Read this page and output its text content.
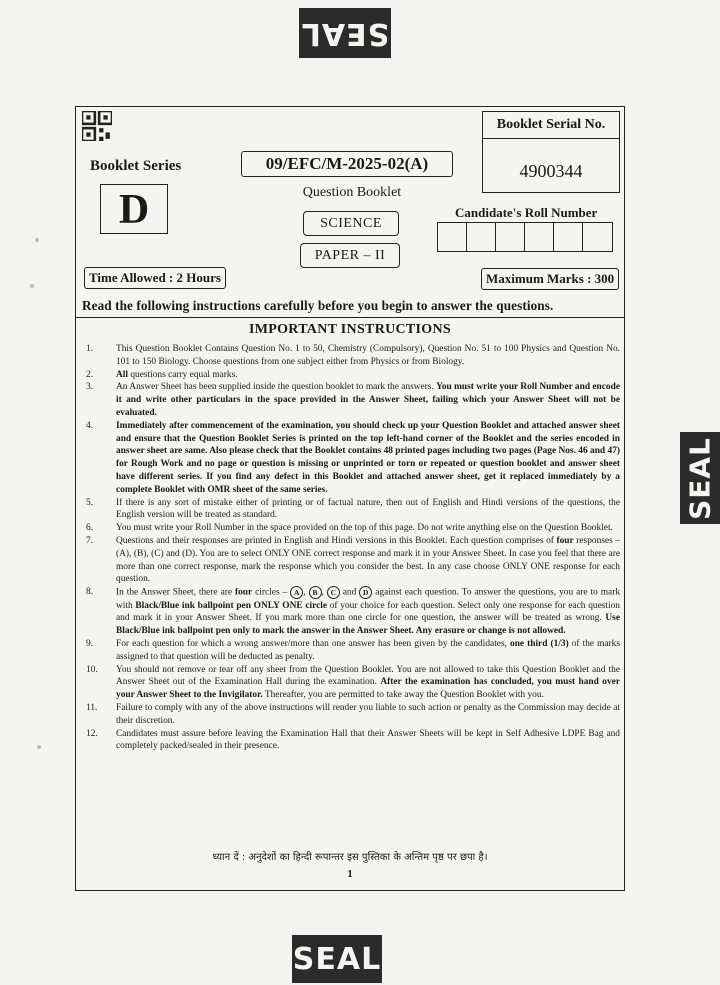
SEAL
SEAL
SEAL
Booklet Serial No.
4900344
Booklet Series
D
09/EFC/M-2025-02(A)
Question Booklet
SCIENCE
PAPER – II
Candidate's Roll Number
Time Allowed : 2 Hours	Maximum Marks : 300
Read the following instructions carefully before you begin to answer the questions.
IMPORTANT INSTRUCTIONS
1.	This Question Booklet Contains Question No. 1 to 50, Chemistry (Compulsory), Question No. 51 to 100 Physics and Question No. 101 to 150 Biology. Choose questions from one subject either from Physics or from Biology.
2.	All questions carry equal marks.
3.	An Answer Sheet has been supplied inside the question booklet to mark the answers. You must write your Roll Number and encode it and write other particulars in the space provided in the Answer Sheet, failing which your Answer Sheet will not be evaluated.
4.	Immediately after commencement of the examination, you should check up your Question Booklet and attached answer sheet and ensure that the Question Booklet Series is printed on the top left-hand corner of the Booklet and the series encoded in answer sheet are same. Also please check that the Booklet contains 48 printed pages including two pages (Page Nos. 46 and 47) for Rough Work and no page or question is missing or unprinted or torn or repeated or question booklet and answer sheet have different series. If you find any defect in this Booklet and attached answer sheet, get it replaced immediately by a complete Booklet with OMR sheet of the same series.
5.	If there is any sort of mistake either of printing or of factual nature, then out of English and Hindi versions of the questions, the English version will be treated as standard.
6.	You must write your Roll Number in the space provided on the top of this page. Do not write anything else on the Question Booklet.
7.	Questions and their responses are printed in English and Hindi versions in this Booklet. Each question comprises of four responses – (A), (B), (C) and (D). You are to select ONLY ONE correct response and mark it in your Answer Sheet. In case you feel that there are more than one correct response, mark the response which you consider the best. In any case choose ONLY ONE response for each question.
8.	In the Answer Sheet, there are four circles – A , B , C and D against each question. To answer the questions, you are to mark with Black/Blue ink ballpoint pen ONLY ONE circle of your choice for each question. Select only one response for each question and mark it in your Answer Sheet. If you mark more than one circle for one question, the answer will be treated as wrong. Use Black/Blue ink ballpoint pen only to mark the answer in the Answer Sheet. Any erasure or change is not allowed.
9.	For each question for which a wrong answer/more than one answer has been given by the candidates, one third (1/3) of the marks assigned to that question will be deducted as penalty.
10.	You should not remove or tear off any sheet from the Question Booklet. You are not allowed to take this Question Booklet and the Answer Sheet out of the Examination Hall during the examination. After the examination has concluded, you must hand over your Answer Sheet to the Invigilator. Thereafter, you are permitted to take away the Question Booklet with you.
11.	Failure to comply with any of the above instructions will render you liable to such action or penalty as the Commission may decide at their discretion.
12.	Candidates must assure before leaving the Examination Hall that their Answer Sheets will be kept in Self Adhesive LDPE Bag and completely packed/sealed in their presence.
ध्यान दें : अनुदेशों का हिन्दी रूपान्तर इस पुस्तिका के अन्तिम पृष्ठ पर छपा है।
1
